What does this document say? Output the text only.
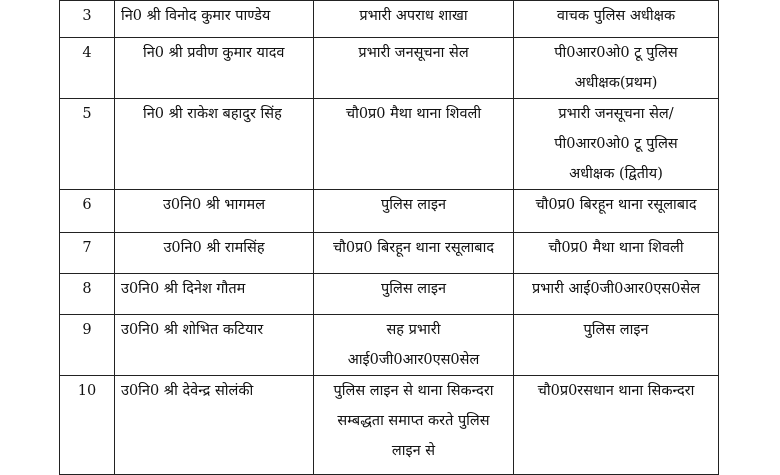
3	नि0 श्री विनोद कुमार पाण्डेय	प्रभारी अपराध शाखा	वाचक पुलिस अधीक्षक

4	नि0 श्री प्रवीण कुमार यादव	प्रभारी जनसूचना सेल	पी0आर0ओ0 टू पुलिस
अधीक्षक(प्रथम)

5	नि0 श्री राकेश बहादुर सिंह	चौ0प्र0 मैथा थाना शिवली	प्रभारी जनसूचना सेल/
पी0आर0ओ0 टू पुलिस
अधीक्षक (द्वितीय)

6	उ0नि0 श्री भागमल	पुलिस लाइन	चौ0प्र0 बिरहून थाना रसूलाबाद

7	उ0नि0 श्री रामसिंह	चौ0प्र0 बिरहून थाना रसूलाबाद	चौ0प्र0 मैथा थाना शिवली

8	उ0नि0 श्री दिनेश गौतम	पुलिस लाइन	प्रभारी आई0जी0आर0एस0सेल

9	उ0नि0 श्री शोभित कटियार	सह प्रभारी
आई0जी0आर0एस0सेल	पुलिस लाइन

10	उ0नि0 श्री देवेन्द्र सोलंकी	पुलिस लाइन से थाना सिकन्दरा
सम्बद्धता समाप्त करते पुलिस
लाइन से	चौ0प्र0रसधान थाना सिकन्दरा
